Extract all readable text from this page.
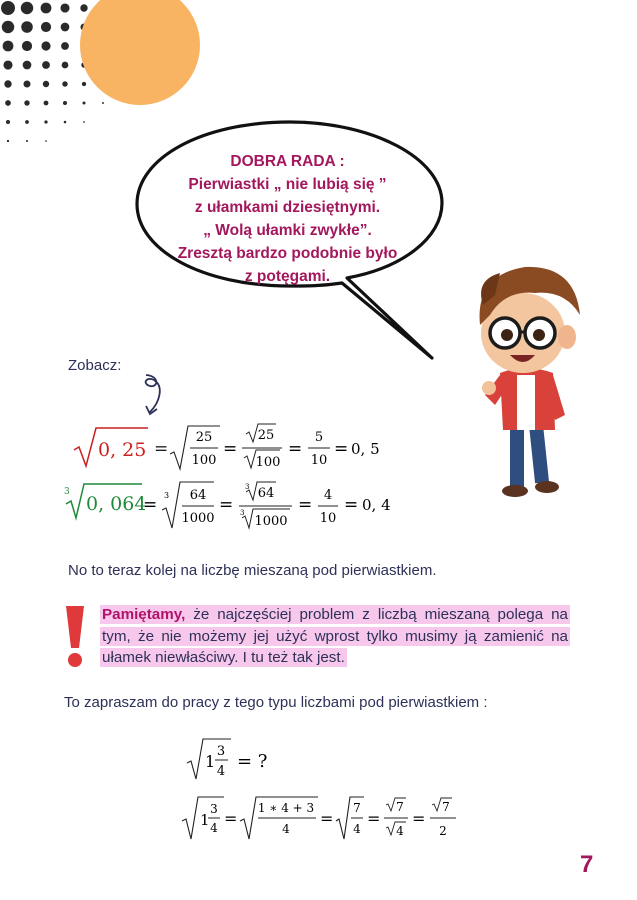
DOBRA RADA :
Pierwiastki „ nie lubią się ”
z ułamkami dziesiętnymi.
„ Wolą ułamki zwykłe”.
Zresztą bardzo podobnie było
z potęgami.
Zobacz:
0, 25 =
25
100
=
25
100
=
5
10
= 0, 5
3
0, 064
= 3 64
1000
=
3 64
3
1000
= 4
10
= 0, 4
No to teraz kolej na liczbę mieszaną pod pierwiastkiem.
Pamiętamy, że najczęściej problem z liczbą mieszaną polega na tym, że nie możemy jej użyć wprost tylko musimy ją zamienić na ułamek niewłaściwy. I tu też tak jest.
To zapraszam do pracy z tego typu liczbami pod pierwiastkiem :
1
3
4 = ?
1
3
4 =
1 ∗ 4 + 3
4
=
7
4
=
7
4
=
7
2
7
